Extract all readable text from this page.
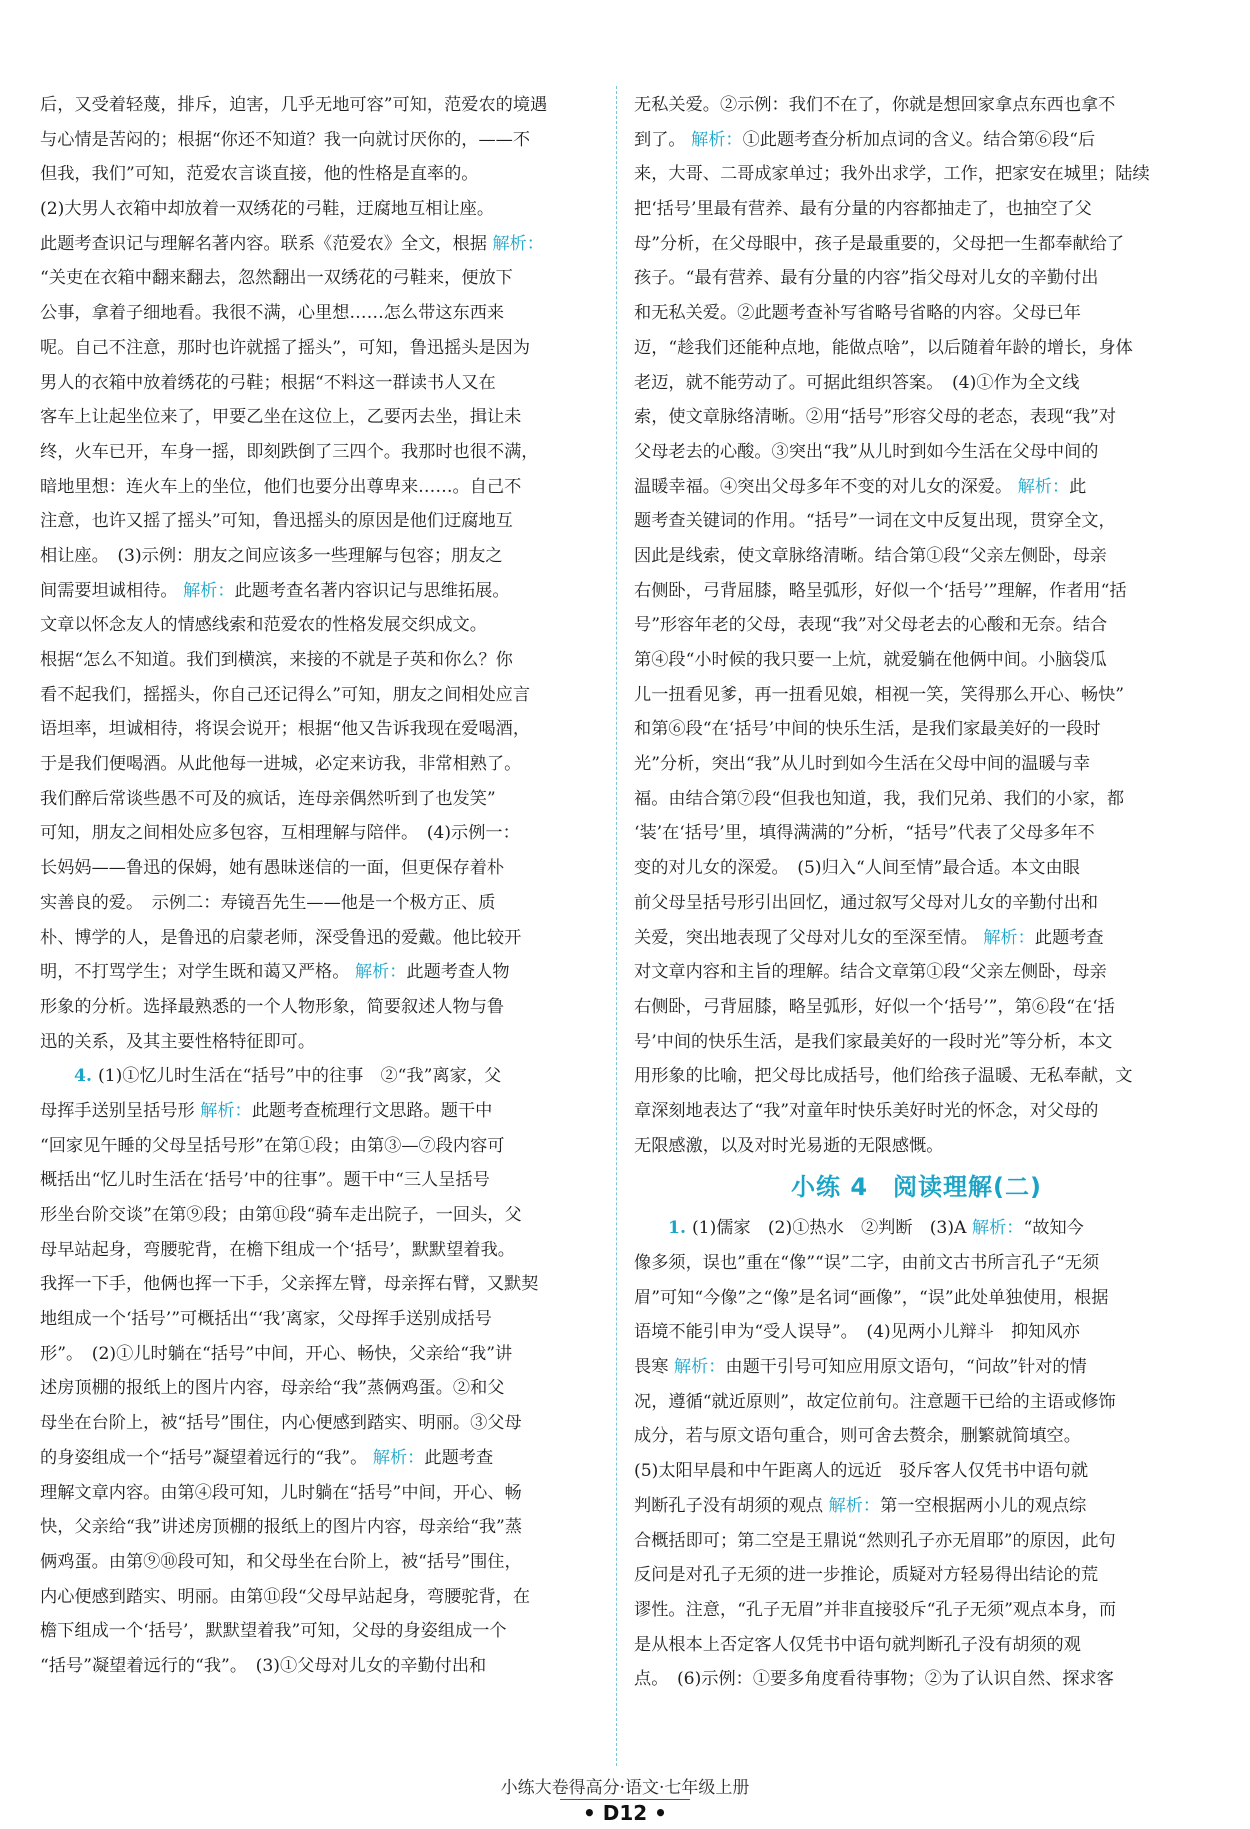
后，又受着轻蔑，排斥，迫害，几乎无地可容”可知，范爱农的境遇
与心情是苦闷的；根据“你还不知道？我一向就讨厌你的，——不
但我，我们”可知，范爱农言谈直接，他的性格是直率的。
(2)大男人衣箱中却放着一双绣花的弓鞋，迂腐地互相让座。
此题考查识记与理解名著内容。联系《范爱农》全文，根据 解析：
“关吏在衣箱中翻来翻去，忽然翻出一双绣花的弓鞋来，便放下
公事，拿着子细地看。我很不满，心里想……怎么带这东西来
呢。自己不注意，那时也许就摇了摇头”，可知，鲁迅摇头是因为
男人的衣箱中放着绣花的弓鞋；根据“不料这一群读书人又在
客车上让起坐位来了，甲要乙坐在这位上，乙要丙去坐，揖让未
终，火车已开，车身一摇，即刻跌倒了三四个。我那时也很不满，
暗地里想：连火车上的坐位，他们也要分出尊卑来……。自己不
注意，也许又摇了摇头”可知，鲁迅摇头的原因是他们迂腐地互
相让座。　(3)示例：朋友之间应该多一些理解与包容；朋友之
间需要坦诚相待。 解析：此题考查名著内容识记与思维拓展。
文章以怀念友人的情感线索和范爱农的性格发展交织成文。
根据“怎么不知道。我们到横滨，来接的不就是子英和你么？你
看不起我们，摇摇头，你自己还记得么”可知，朋友之间相处应言
语坦率，坦诚相待，将误会说开；根据“他又告诉我现在爱喝酒，
于是我们便喝酒。从此他每一进城，必定来访我，非常相熟了。
我们醉后常谈些愚不可及的疯话，连母亲偶然听到了也发笑”
可知，朋友之间相处应多包容，互相理解与陪伴。　(4)示例一：
长妈妈——鲁迅的保姆，她有愚昧迷信的一面，但更保存着朴
实善良的爱。　示例二：寿镜吾先生——他是一个极方正、质
朴、博学的人，是鲁迅的启蒙老师，深受鲁迅的爱戴。他比较开
明，不打骂学生；对学生既和蔼又严格。 解析：此题考查人物
形象的分析。选择最熟悉的一个人物形象，简要叙述人物与鲁
迅的关系，及其主要性格特征即可。
4. (1)①忆儿时生活在“括号”中的往事　②“我”离家，父
母挥手送别呈括号形 解析：此题考查梳理行文思路。题干中
“回家见午睡的父母呈括号形”在第①段；由第③—⑦段内容可
概括出“忆儿时生活在‘括号’中的往事”。题干中“三人呈括号
形坐台阶交谈”在第⑨段；由第⑪段“骑车走出院子，一回头，父
母早站起身，弯腰驼背，在檐下组成一个‘括号’，默默望着我。
我挥一下手，他俩也挥一下手，父亲挥左臂，母亲挥右臂，又默契
地组成一个‘括号’”可概括出“‘我’离家，父母挥手送别成括号
形”。　(2)①儿时躺在“括号”中间，开心、畅快，父亲给“我”讲
述房顶棚的报纸上的图片内容，母亲给“我”蒸俩鸡蛋。②和父
母坐在台阶上，被“括号”围住，内心便感到踏实、明丽。③父母
的身姿组成一个“括号”凝望着远行的“我”。 解析：此题考查
理解文章内容。由第④段可知，儿时躺在“括号”中间，开心、畅
快，父亲给“我”讲述房顶棚的报纸上的图片内容，母亲给“我”蒸
俩鸡蛋。由第⑨⑩段可知，和父母坐在台阶上，被“括号”围住，
内心便感到踏实、明丽。由第⑪段“父母早站起身，弯腰驼背，在
檐下组成一个‘括号’，默默望着我”可知，父母的身姿组成一个
“括号”凝望着远行的“我”。　(3)①父母对儿女的辛勤付出和
无私关爱。②示例：我们不在了，你就是想回家拿点东西也拿不
到了。 解析：①此题考查分析加点词的含义。结合第⑥段“后
来，大哥、二哥成家单过；我外出求学，工作，把家安在城里；陆续
把‘括号’里最有营养、最有分量的内容都抽走了，也抽空了父
母”分析，在父母眼中，孩子是最重要的，父母把一生都奉献给了
孩子。“最有营养、最有分量的内容”指父母对儿女的辛勤付出
和无私关爱。②此题考查补写省略号省略的内容。父母已年
迈，“趁我们还能种点地，能做点啥”，以后随着年龄的增长，身体
老迈，就不能劳动了。可据此组织答案。　(4)①作为全文线
索，使文章脉络清晰。②用“括号”形容父母的老态，表现“我”对
父母老去的心酸。③突出“我”从儿时到如今生活在父母中间的
温暖幸福。④突出父母多年不变的对儿女的深爱。 解析：此
题考查关键词的作用。“括号”一词在文中反复出现，贯穿全文，
因此是线索，使文章脉络清晰。结合第①段“父亲左侧卧，母亲
右侧卧，弓背屈膝，略呈弧形，好似一个‘括号’”理解，作者用“括
号”形容年老的父母，表现“我”对父母老去的心酸和无奈。结合
第④段“小时候的我只要一上炕，就爱躺在他俩中间。小脑袋瓜
儿一扭看见爹，再一扭看见娘，相视一笑，笑得那么开心、畅快”
和第⑥段“在‘括号’中间的快乐生活，是我们家最美好的一段时
光”分析，突出“我”从儿时到如今生活在父母中间的温暖与幸
福。由结合第⑦段“但我也知道，我，我们兄弟、我们的小家，都
‘装’在‘括号’里，填得满满的”分析，“括号”代表了父母多年不
变的对儿女的深爱。　(5)归入“人间至情”最合适。本文由眼
前父母呈括号形引出回忆，通过叙写父母对儿女的辛勤付出和
关爱，突出地表现了父母对儿女的至深至情。 解析：此题考查
对文章内容和主旨的理解。结合文章第①段“父亲左侧卧，母亲
右侧卧，弓背屈膝，略呈弧形，好似一个‘括号’”，第⑥段“在‘括
号’中间的快乐生活，是我们家最美好的一段时光”等分析，本文
用形象的比喻，把父母比成括号，他们给孩子温暖、无私奉献，文
章深刻地表达了“我”对童年时快乐美好时光的怀念，对父母的
无限感激，以及对时光易逝的无限感慨。
小练 4　阅读理解(二)
1. (1)儒家　(2)①热水　②判断　(3)A 解析：“故知今
像多须，误也”重在“像”“误”二字，由前文古书所言孔子“无须
眉”可知“今像”之“像”是名词“画像”，“误”此处单独使用，根据
语境不能引申为“受人误导”。　(4)见两小儿辩斗　抑知风亦
畏寒 解析：由题干引号可知应用原文语句，“问故”针对的情
况，遵循“就近原则”，故定位前句。注意题干已给的主语或修饰
成分，若与原文语句重合，则可舍去赘余，删繁就简填空。
(5)太阳早晨和中午距离人的远近　驳斥客人仅凭书中语句就
判断孔子没有胡须的观点 解析：第一空根据两小儿的观点综
合概括即可；第二空是王鼎说“然则孔子亦无眉耶”的原因，此句
反问是对孔子无须的进一步推论，质疑对方轻易得出结论的荒
谬性。注意，“孔子无眉”并非直接驳斥“孔子无须”观点本身，而
是从根本上否定客人仅凭书中语句就判断孔子没有胡须的观
点。　(6)示例：①要多角度看待事物；②为了认识自然、探求客
小练大卷得高分·语文·七年级上册
• D12 •
